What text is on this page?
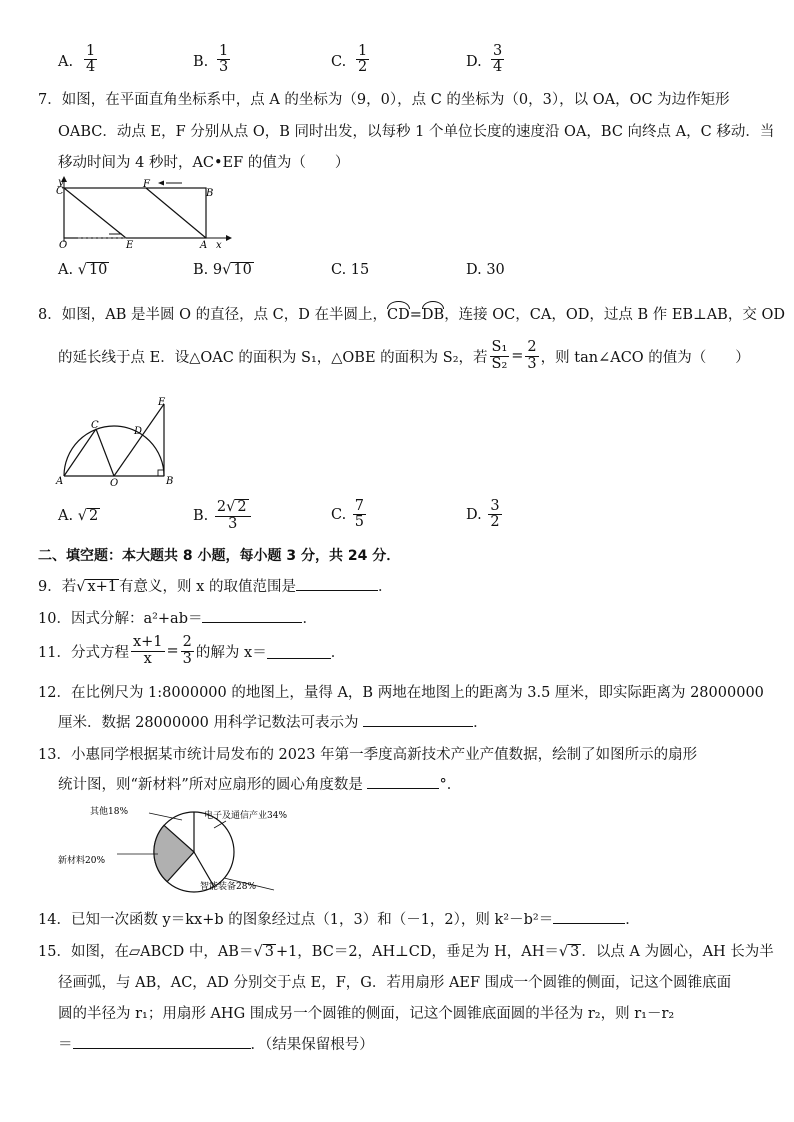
A. $\frac{1}{4}$	B. $\frac{1}{3}$	C. $\frac{1}{2}$	D. $\frac{3}{4}$
7．如图，在平面直角坐标系中，点 A 的坐标为（9，0），点 C 的坐标为（0，3），以 OA，OC 为边作矩形
OABC．动点 E，F 分别从点 O，B 同时出发，以每秒 1 个单位长度的速度沿 OA，BC 向终点 A，C 移动．当
移动时间为 4 秒时，AC•EF 的值为（　　）
y
C
F
B
O	E	A x
A. √ 10	B. 9√ 10	C. 15	D. 30
8．如图，AB 是半圆 O 的直径，点 C，D 在半圆上，CD=DB，连接 OC，CA，OD，过点 B 作 EB⊥AB，交 OD
的延长线于点 E．设△OAC 的面积为 S₁，△OBE 的面积为 S₂，若 $\frac{\text{S₁}}{\text{S₂}} = \frac{2}{3}$ ，则 tan∠ACO 的值为（　　）
E
C
D
A	O	B
A. √ 2	B.
$\frac{2√ 2}{3}$	C.
$\frac{7}{5}$	D.
$\frac{3}{2}$
二、填空题：本大题共 8 小题，每小题 3 分，共 24 分．
9．若√ x+1 有意义，则 x 的取值范围是	．
10．因式分解：a²+ab＝	．
11．分式方程 $\frac{x+1}{x} = \frac{2}{3}$ 的解为 x＝	．
12．在比例尺为 1:8000000 的地图上，量得 A，B 两地在地图上的距离为 3.5 厘米，即实际距离为 28000000
厘米．数据 28000000 用科学记数法可表示为	．
13．小惠同学根据某市统计局发布的 2023 年第一季度高新技术产业产值数据，绘制了如图所示的扇形
统计图，则“新材料”所对应扇形的圆心角度数是	°．
其他18%	电子及通信产业34%
新材料20%
智能装备28%
14．已知一次函数 y＝kx+b 的图象经过点（1，3）和（－1，2），则 k²－b²＝	．
15．如图，在▱ABCD 中，AB＝√ 3 +1，BC＝2，AH⊥CD，垂足为 H，AH＝√ 3 ．以点 A 为圆心，AH 长为半
径画弧，与 AB，AC，AD 分别交于点 E，F，G．若用扇形 AEF 围成一个圆锥的侧面，记这个圆锥底面
圆的半径为 r₁；用扇形 AHG 围成另一个圆锥的侧面，记这个圆锥底面圆的半径为 r₂，则 r₁－r₂
＝	．（结果保留根号）
